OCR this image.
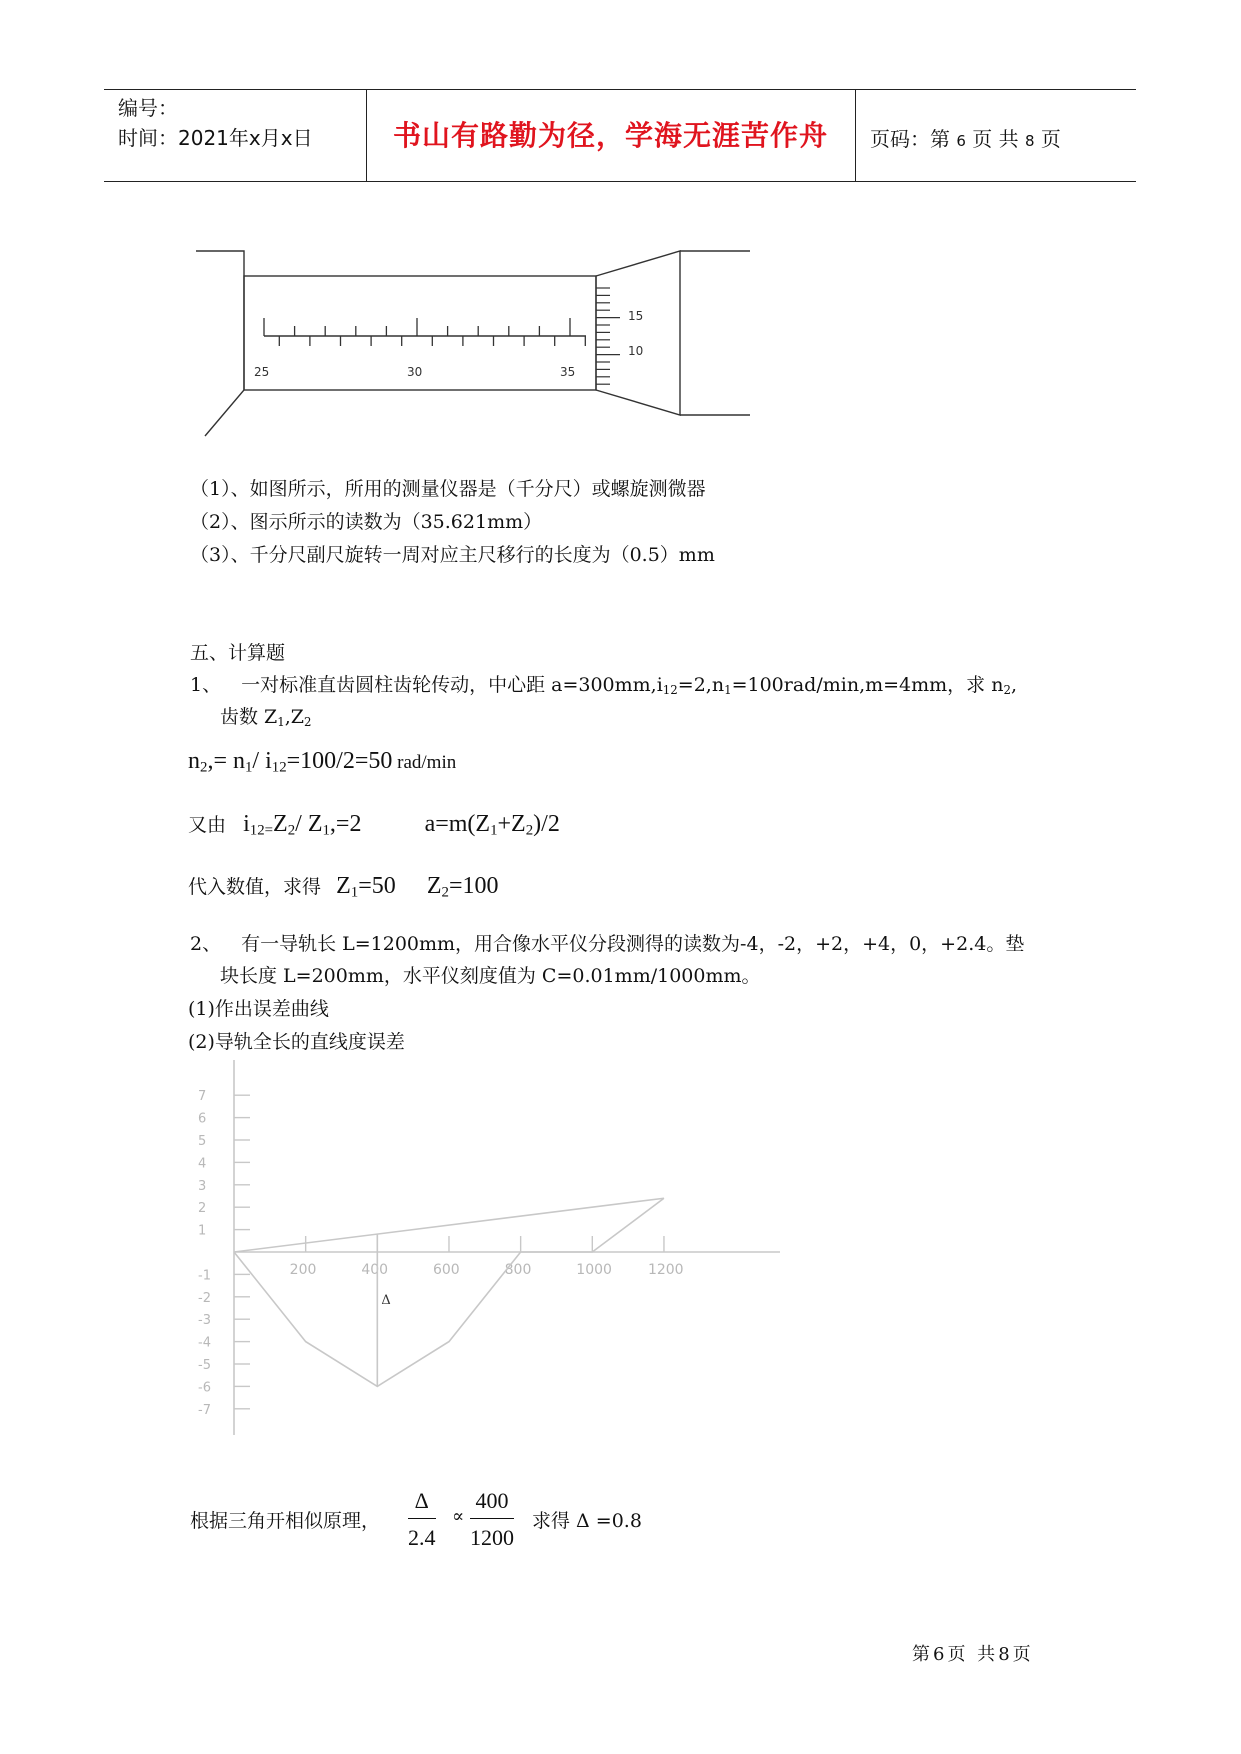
编号：
时间：2021年x月x日	书山有路勤为径，学海无涯苦作舟	页码：第 6 页 共 8 页
25	30	35
15
10
（1）、如图所示，所用的测量仪器是（千分尺）或螺旋测微器
（2）、图示所示的读数为（35.621mm）
（3）、千分尺副尺旋转一周对应主尺移行的长度为（0.5）mm
五、计算题
1、 一对标准直齿圆柱齿轮传动，中心距 $a=300mm,i_{12}=2,n_1=100rad/\min,m=4mm$，求 $n_2$,
齿数 $Z_1,Z_2$
$n_2,= n_1/$ $i_{12}=100/2=50$ rad/min
又由 $i_{12=}Z_2/$ $Z_1,=2$	$a=m(Z_1+Z_2)/2$
代入数值，求得 $Z_1=50$ $Z_2=100$
2、 有一导轨长 L=1200mm，用合像水平仪分段测得的读数为-4，-2，+2，+4，0，+2.4。垫
块长度 L=200mm，水平仪刻度值为 C=0.01mm/1000mm。
(1)作出误差曲线
(2)导轨全长的直线度误差
7
6
5
4
3
2
1
-1
-2
-3
-4
-5
-6
-7
200	400	600	800	1000	1200
Δ
根据三角开相似原理， $\frac{\Delta}{2.4} \propto \frac{400}{1200}$ 求得 Δ =0.8
第6页 共8页
